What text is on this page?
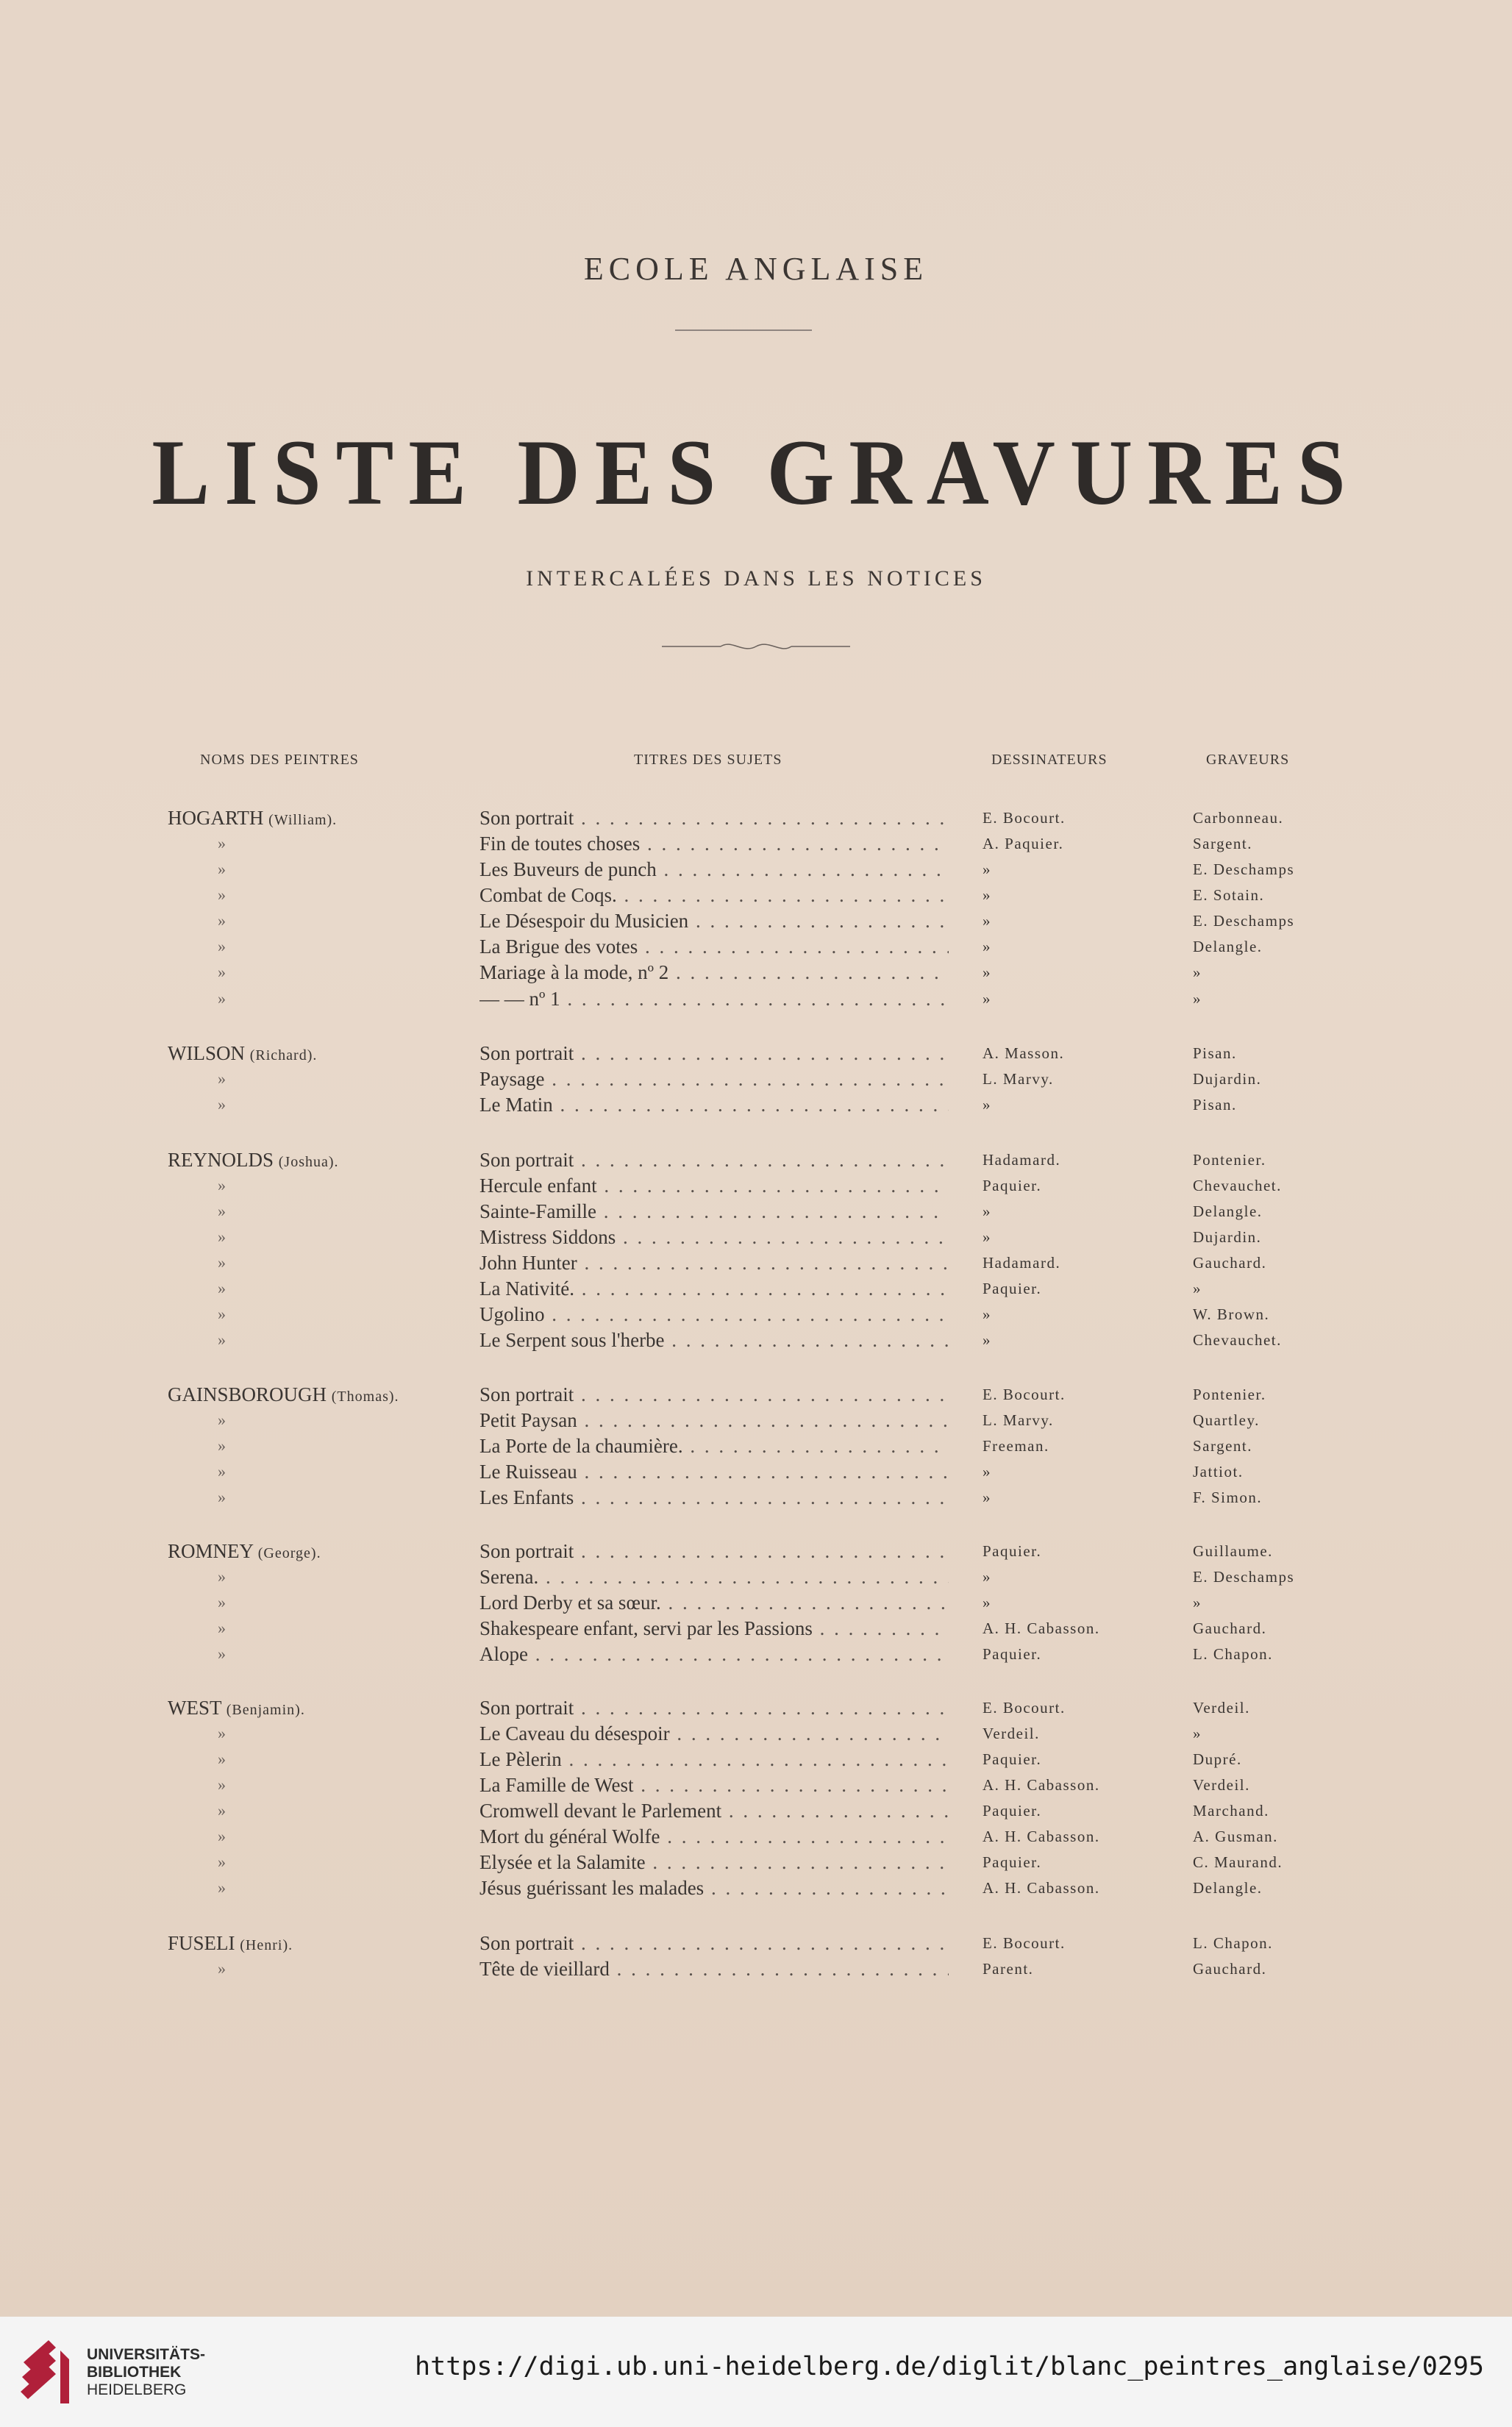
ECOLE ANGLAISE
LISTE DES GRAVURES
INTERCALÉES DANS LES NOTICES
NOMS DES PEINTRES	TITRES DES SUJETS	DESSINATEURS	GRAVEURS
HOGARTH (William).	Son portrait . . .	E. Bocourt.	Carbonneau.
»	Fin de toutes choses . . .	A. Paquier.	Sargent.
»	Les Buveurs de punch . . .	»	E. Deschamps
»	Combat de Coqs. . . .	»	E. Sotain.
»	Le Désespoir du Musicien . . .	»	E. Deschamps
»	La Brigue des votes . . .	»	Delangle.
»	Mariage à la mode, nº 2 . . .	»	»
»	— — nº 1 . . .	»	»
WILSON (Richard).	Son portrait . . .	A. Masson.	Pisan.
»	Paysage . . .	L. Marvy.	Dujardin.
»	Le Matin . . .	»	Pisan.
REYNOLDS (Joshua).	Son portrait . . .	Hadamard.	Pontenier.
»	Hercule enfant . . .	Paquier.	Chevauchet.
»	Sainte-Famille . . .	»	Delangle.
»	Mistress Siddons . . .	»	Dujardin.
»	John Hunter . . .	Hadamard.	Gauchard.
»	La Nativité. . . .	Paquier.	»
»	Ugolino . . .	»	W. Brown.
»	Le Serpent sous l'herbe . . .	»	Chevauchet.
GAINSBOROUGH (Thomas).	Son portrait . . .	E. Bocourt.	Pontenier.
»	Petit Paysan . . .	L. Marvy.	Quartley.
»	La Porte de la chaumière. . . .	Freeman.	Sargent.
»	Le Ruisseau . . .	»	Jattiot.
»	Les Enfants . . .	»	F. Simon.
ROMNEY (George).	Son portrait . . .	Paquier.	Guillaume.
»	Serena. . . .	»	E. Deschamps
»	Lord Derby et sa sœur. . . .	»	»
»	Shakespeare enfant, servi par les Passions . . .	A. H. Cabasson.	Gauchard.
»	Alope . . .	Paquier.	L. Chapon.
WEST (Benjamin).	Son portrait . . .	E. Bocourt.	Verdeil.
»	Le Caveau du désespoir . . .	Verdeil.	»
»	Le Pèlerin . . .	Paquier.	Dupré.
»	La Famille de West . . .	A. H. Cabasson.	Verdeil.
»	Cromwell devant le Parlement . . .	Paquier.	Marchand.
»	Mort du général Wolfe . . .	A. H. Cabasson.	A. Gusman.
»	Elysée et la Salamite . . .	Paquier.	C. Maurand.
»	Jésus guérissant les malades . . .	A. H. Cabasson.	Delangle.
FUSELI (Henri).	Son portrait . . .	E. Bocourt.	L. Chapon.
»	Tête de vieillard . . .	Parent.	Gauchard.
UNIVERSITÄTS-
BIBLIOTHEK
HEIDELBERG
https://digi.ub.uni-heidelberg.de/diglit/blanc_peintres_anglaise/0295
